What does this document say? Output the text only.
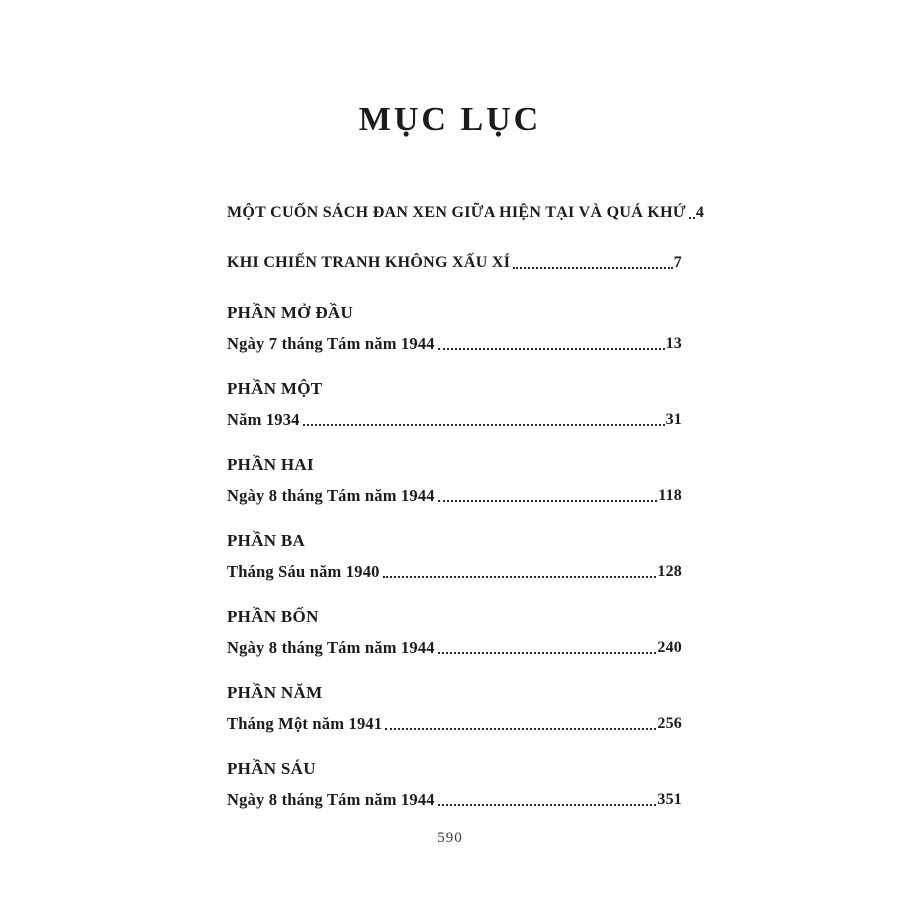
MỤC LỤC
MỘT CUỐN SÁCH ĐAN XEN GIỮA HIỆN TẠI VÀ QUÁ KHỨ 4
KHI CHIẾN TRANH KHÔNG XẤU XÍ	7
PHẦN MỞ ĐẦU
Ngày 7 tháng Tám năm 1944	13
PHẦN MỘT
Năm 1934	31
PHẦN HAI
Ngày 8 tháng Tám năm 1944	118
PHẦN BA
Tháng Sáu năm 1940	128
PHẦN BỐN
Ngày 8 tháng Tám năm 1944	240
PHẦN NĂM
Tháng Một năm 1941	256
PHẦN SÁU
Ngày 8 tháng Tám năm 1944	351
590
